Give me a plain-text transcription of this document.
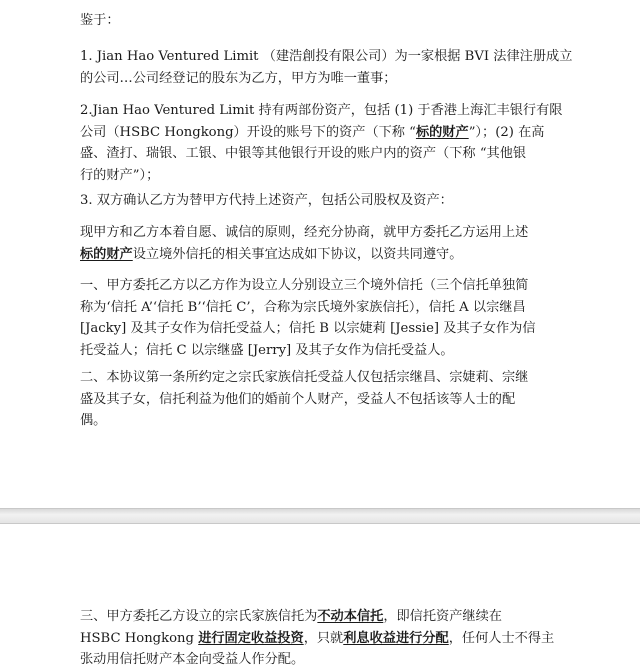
鉴于：

1. Jian Hao Ventured Limit （建浩創投有限公司）为一家根据 BVI 法律注册成立
的公司…公司经登记的股东为乙方，甲方为唯一董事；

2.Jian Hao Ventured Limit 持有两部份资产，包括 (1) 于香港上海汇丰银行有限
公司（HSBC Hongkong）开设的账号下的资产（下称 “标的财产”）；(2) 在高
盛、渣打、瑞银、工银、中银等其他银行开设的账户内的资产（下称 “其他银
行的财产”）；

3. 双方确认乙方为替甲方代持上述资产，包括公司股权及资产：

现甲方和乙方本着自愿、诚信的原则，经充分协商，就甲方委托乙方运用上述
标的财产设立境外信托的相关事宜达成如下协议，以资共同遵守。

一、甲方委托乙方以乙方作为设立人分别设立三个境外信托（三个信托单独简
称为‘信托 A’‘信托 B’‘信托 C’，合称为宗氏境外家族信托），信托 A 以宗继昌
[Jacky] 及其子女作为信托受益人；信托 B 以宗婕莉 [Jessie] 及其子女作为信
托受益人；信托 C 以宗继盛 [Jerry] 及其子女作为信托受益人。

二、本协议第一条所约定之宗氏家族信托受益人仅包括宗继昌、宗婕莉、宗继
盛及其子女，信托利益为他们的婚前个人财产，受益人不包括该等人士的配
偶。

三、甲方委托乙方设立的宗氏家族信托为不动本信托，即信托资产继续在
HSBC Hongkong 进行固定收益投资，只就利息收益进行分配，任何人士不得主
张动用信托财产本金向受益人作分配。
